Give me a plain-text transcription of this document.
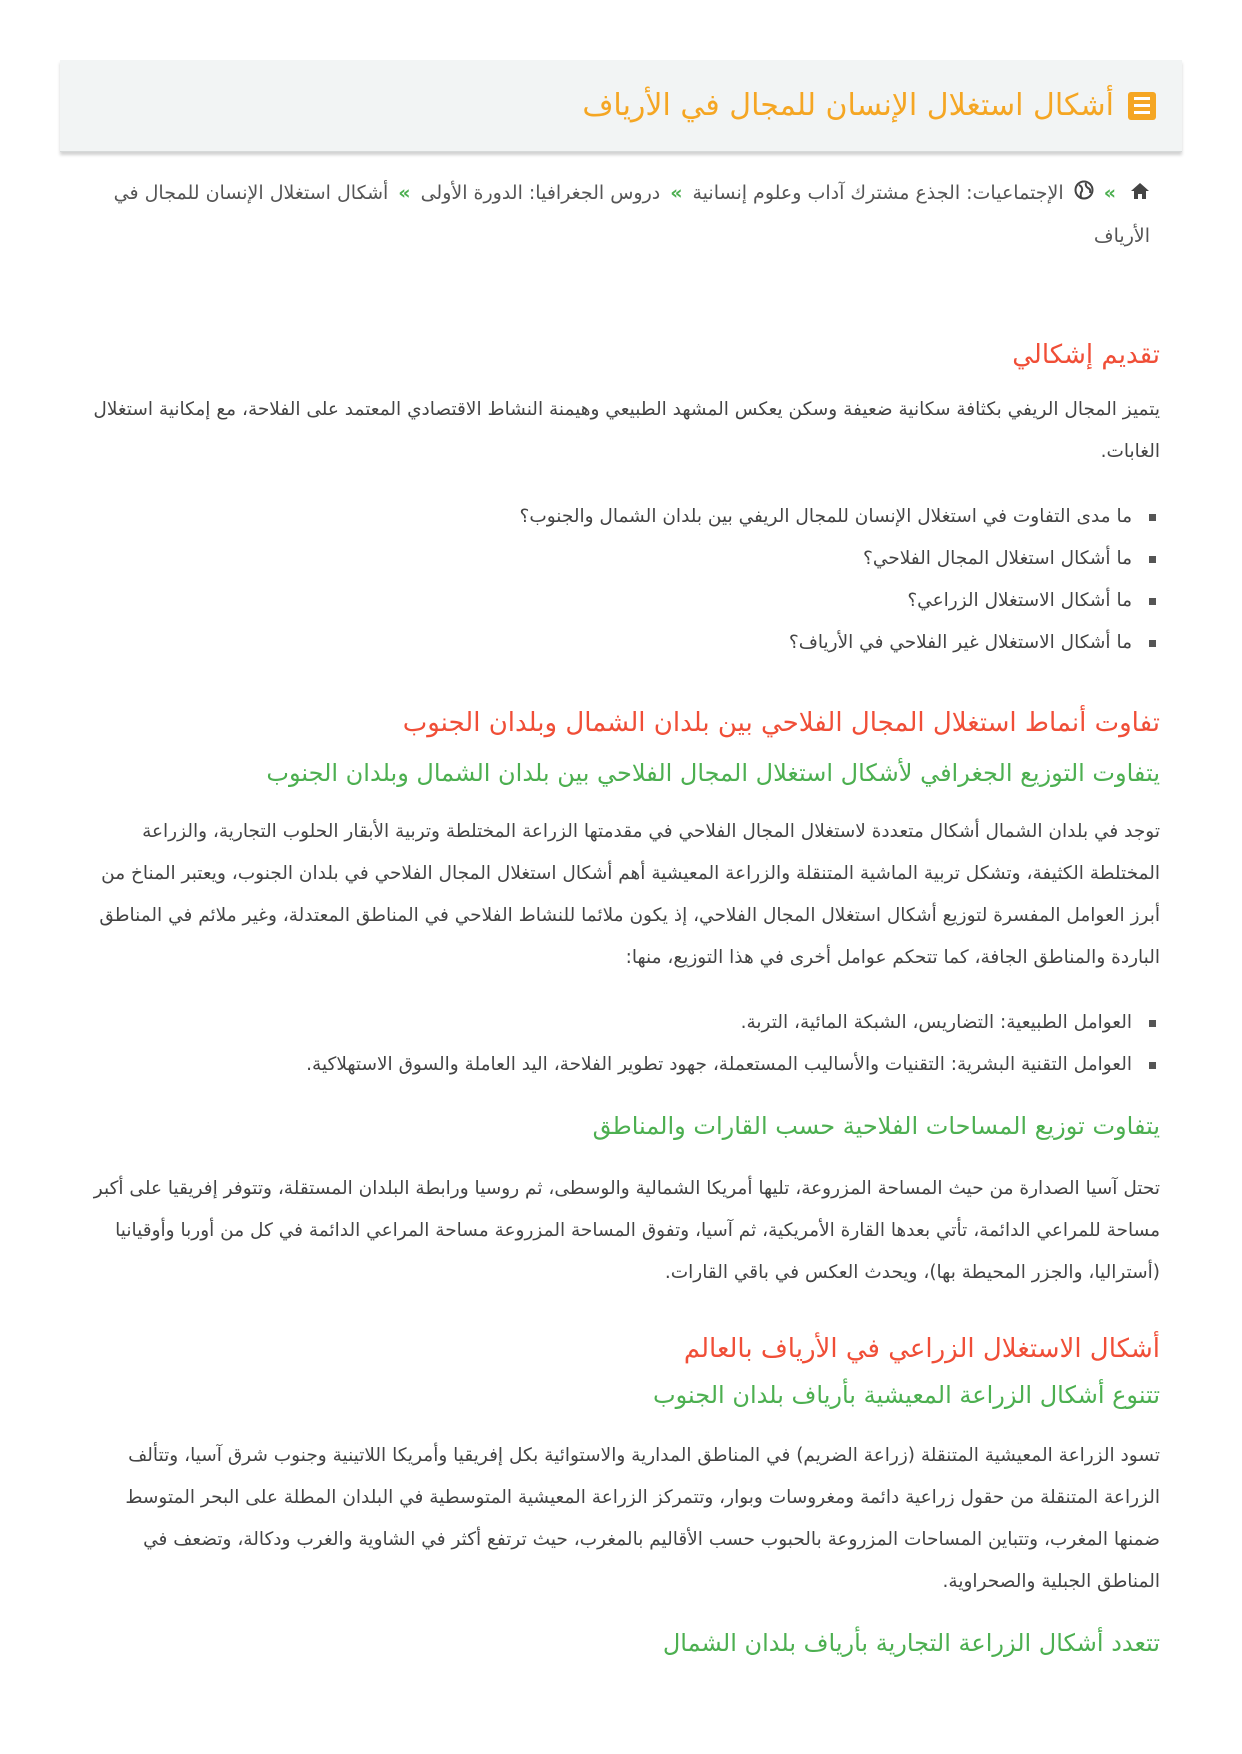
أشكال استغلال الإنسان للمجال في الأرياف
» الإجتماعيات: الجذع مشترك آداب وعلوم إنسانية»دروس الجغرافيا: الدورة الأولى»أشكال استغلال الإنسان للمجال في الأرياف
تقديم إشكالي

يتميز المجال الريفي بكثافة سكانية ضعيفة وسكن يعكس المشهد الطبيعي وهيمنة النشاط الاقتصادي المعتمد على الفلاحة، مع إمكانية استغلال الغابات.

ما مدى التفاوت في استغلال الإنسان للمجال الريفي بين بلدان الشمال والجنوب؟
ما أشكال استغلال المجال الفلاحي؟
ما أشكال الاستغلال الزراعي؟
ما أشكال الاستغلال غير الفلاحي في الأرياف؟
تفاوت أنماط استغلال المجال الفلاحي بين بلدان الشمال وبلدان الجنوب
يتفاوت التوزيع الجغرافي لأشكال استغلال المجال الفلاحي بين بلدان الشمال وبلدان الجنوب

توجد في بلدان الشمال أشكال متعددة لاستغلال المجال الفلاحي في مقدمتها الزراعة المختلطة وتربية الأبقار الحلوب التجارية، والزراعة المختلطة الكثيفة، وتشكل تربية الماشية المتنقلة والزراعة المعيشية أهم أشكال استغلال المجال الفلاحي في بلدان الجنوب، ويعتبر المناخ من أبرز العوامل المفسرة لتوزيع أشكال استغلال المجال الفلاحي، إذ يكون ملائما للنشاط الفلاحي في المناطق المعتدلة، وغير ملائم في المناطق الباردة والمناطق الجافة، كما تتحكم عوامل أخرى في هذا التوزيع، منها:

العوامل الطبيعية: التضاريس، الشبكة المائية، التربة.
العوامل التقنية البشرية: التقنيات والأساليب المستعملة، جهود تطوير الفلاحة، اليد العاملة والسوق الاستهلاكية.
يتفاوت توزيع المساحات الفلاحية حسب القارات والمناطق

تحتل آسيا الصدارة من حيث المساحة المزروعة، تليها أمريكا الشمالية والوسطى، ثم روسيا ورابطة البلدان المستقلة، وتتوفر إفريقيا على أكبر مساحة للمراعي الدائمة، تأتي بعدها القارة الأمريكية، ثم آسيا، وتفوق المساحة المزروعة مساحة المراعي الدائمة في كل من أوربا وأوقيانيا (أستراليا، والجزر المحيطة بها)، ويحدث العكس في باقي القارات.

أشكال الاستغلال الزراعي في الأرياف بالعالم
تتنوع أشكال الزراعة المعيشية بأرياف بلدان الجنوب

تسود الزراعة المعيشية المتنقلة (زراعة الضريم) في المناطق المدارية والاستوائية بكل إفريقيا وأمريكا اللاتينية وجنوب شرق آسيا، وتتألف الزراعة المتنقلة من حقول زراعية دائمة ومغروسات وبوار، وتتمركز الزراعة المعيشية المتوسطية في البلدان المطلة على البحر المتوسط ضمنها المغرب، وتتباين المساحات المزروعة بالحبوب حسب الأقاليم بالمغرب، حيث ترتفع أكثر في الشاوية والغرب ودكالة، وتضعف في المناطق الجبلية والصحراوية.

تتعدد أشكال الزراعة التجارية بأرياف بلدان الشمال
